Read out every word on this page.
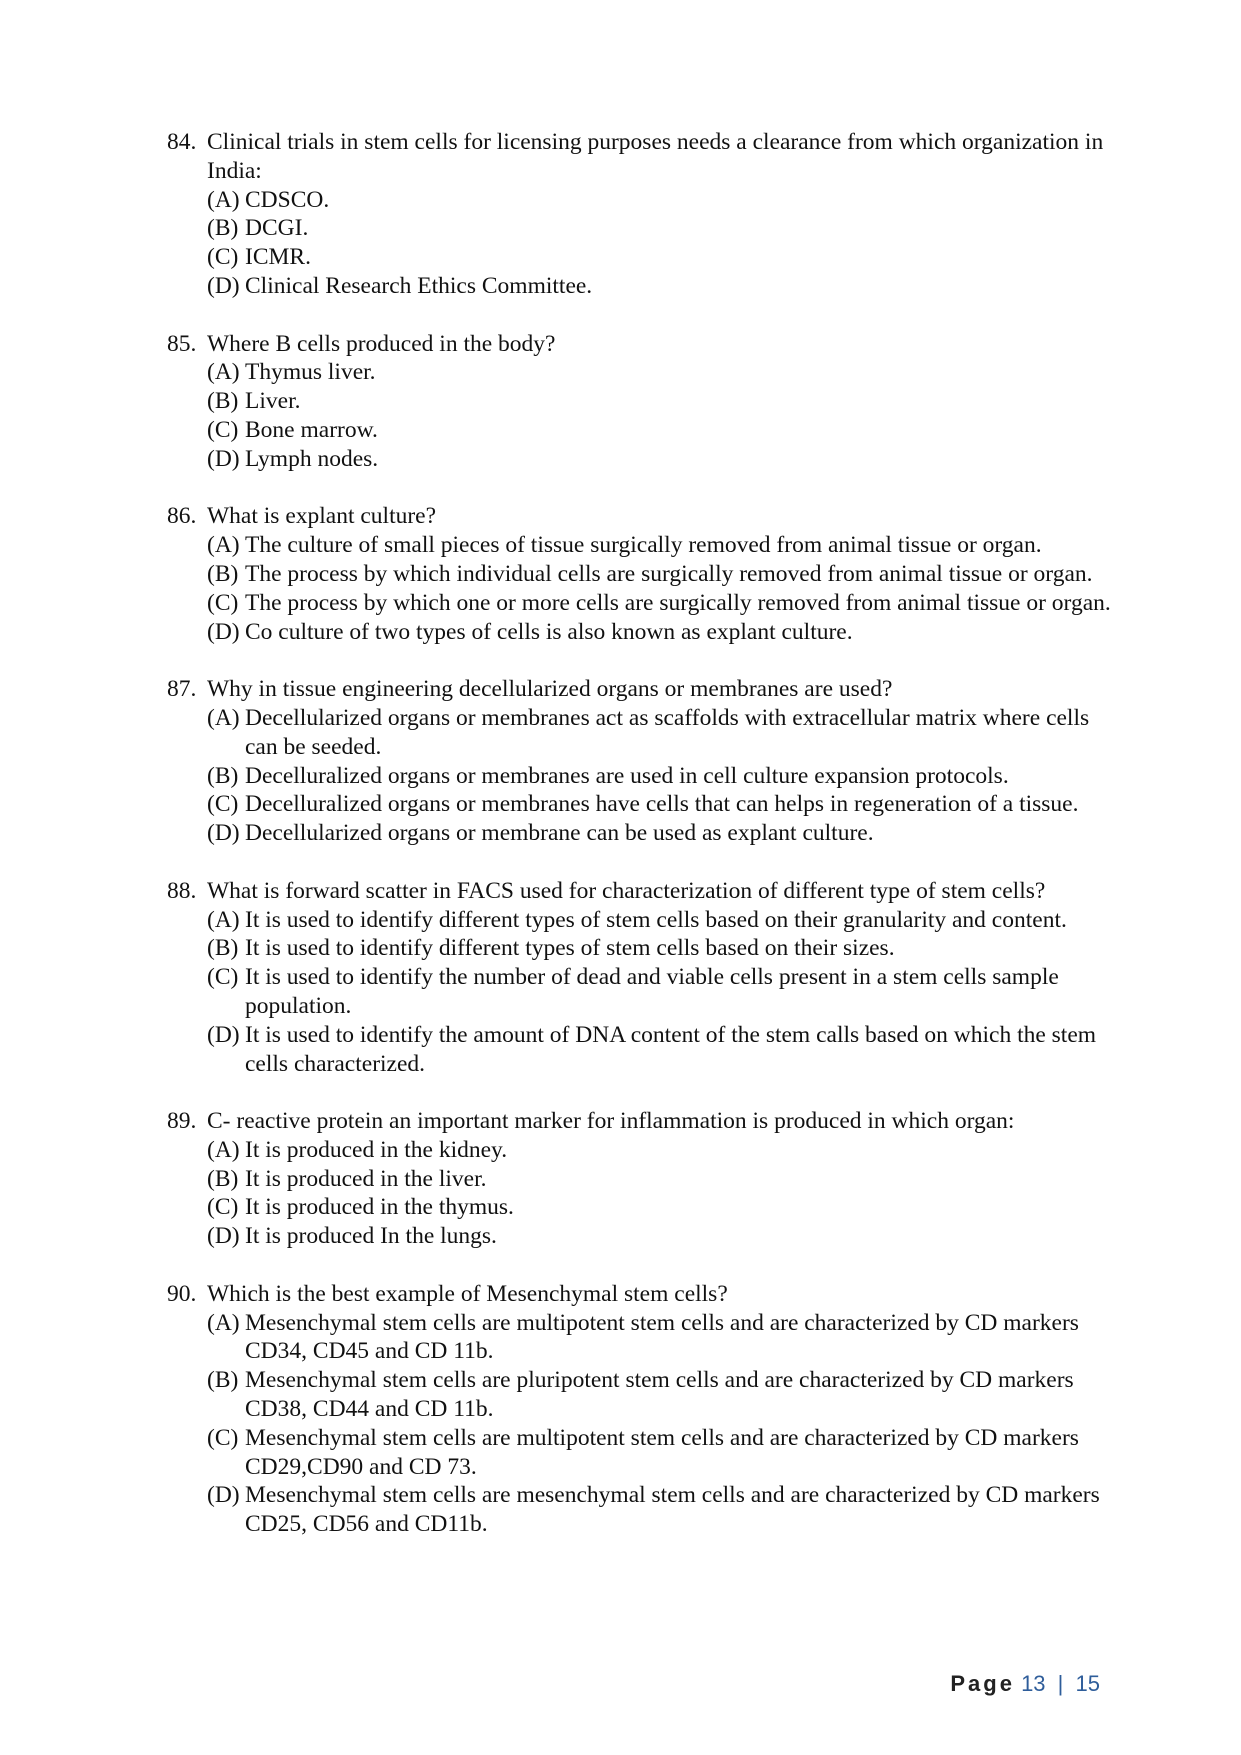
84. Clinical trials in stem cells for licensing purposes needs a clearance from which organization in India:
(A) CDSCO.
(B) DCGI.
(C) ICMR.
(D) Clinical Research Ethics Committee.
85. Where B cells produced in the body?
(A) Thymus liver.
(B) Liver.
(C) Bone marrow.
(D) Lymph nodes.
86. What is explant culture?
(A) The culture of small pieces of tissue surgically removed from animal tissue or organ.
(B) The process by which individual cells are surgically removed from animal tissue or organ.
(C) The process by which one or more cells are surgically removed from animal tissue or organ.
(D) Co culture of two types of cells is also known as explant culture.
87. Why in tissue engineering decellularized organs or membranes are used?
(A) Decellularized organs or membranes act as scaffolds with extracellular matrix where cells can be seeded.
(B) Decelluralized organs or membranes are used in cell culture expansion protocols.
(C) Decelluralized organs or membranes have cells that can helps in regeneration of a tissue.
(D) Decellularized organs or membrane can be used as explant culture.
88. What is forward scatter in FACS used for characterization of different type of stem cells?
(A) It is used to identify different types of stem cells based on their granularity and content.
(B) It is used to identify different types of stem cells based on their sizes.
(C) It is used to identify the number of dead and viable cells present in a stem cells sample population.
(D) It is used to identify the amount of DNA content of the stem calls based on which the stem cells characterized.
89. C- reactive protein an important marker for inflammation is produced in which organ:
(A) It is produced in the kidney.
(B) It is produced in the liver.
(C) It is produced in the thymus.
(D) It is produced In the lungs.
90. Which is the best example of Mesenchymal stem cells?
(A) Mesenchymal stem cells are multipotent stem cells and are characterized by CD markers CD34, CD45 and CD 11b.
(B) Mesenchymal stem cells are pluripotent stem cells and are characterized by CD markers CD38, CD44 and CD 11b.
(C) Mesenchymal stem cells are multipotent stem cells and are characterized by CD markers CD29,CD90 and CD 73.
(D) Mesenchymal stem cells are mesenchymal stem cells and are characterized by CD markers CD25, CD56 and CD11b.
Page 13 | 15
